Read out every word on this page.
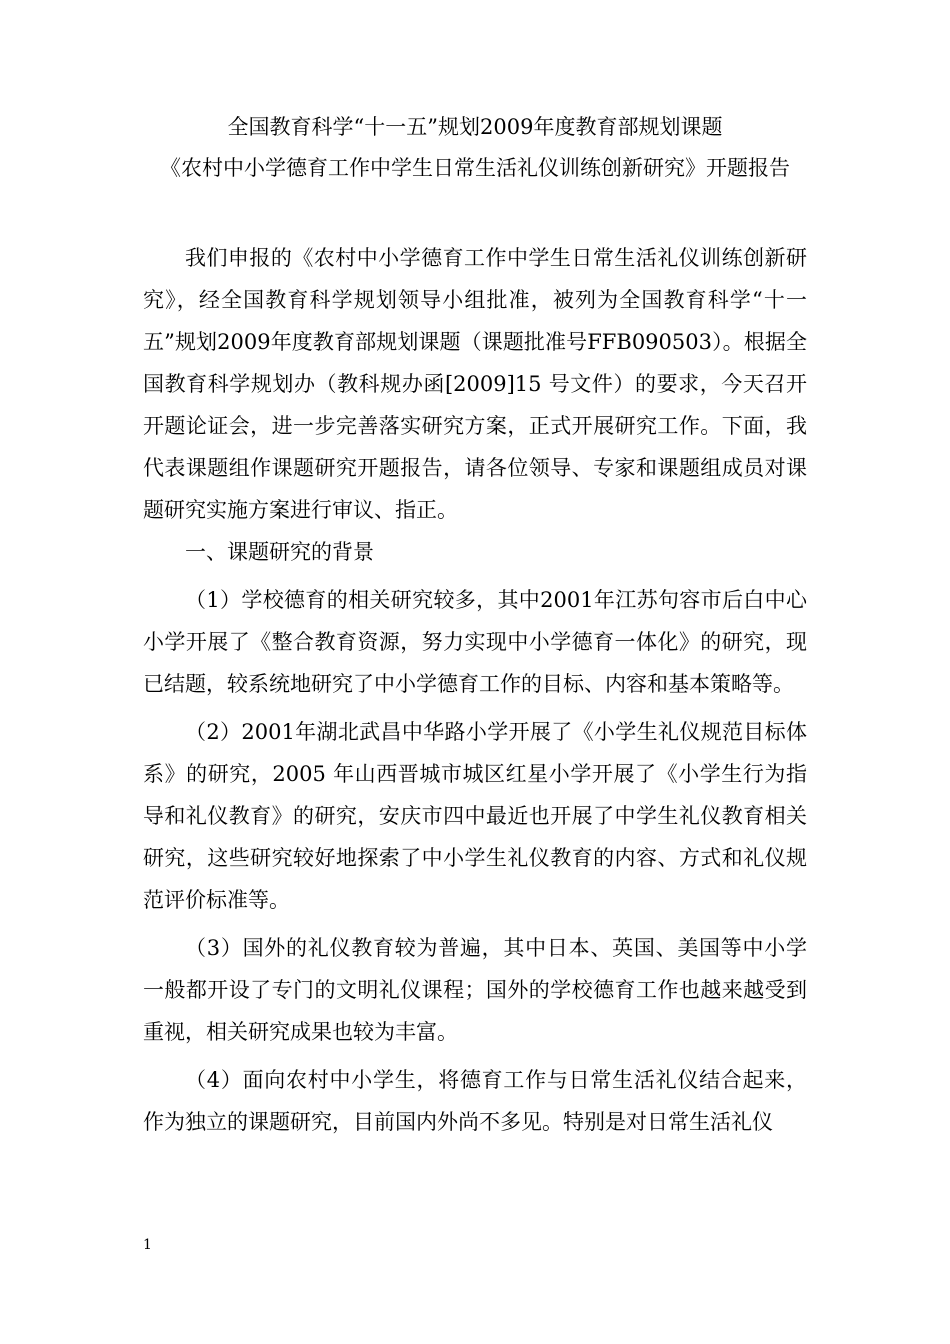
全国教育科学“十一五”规划2009年度教育部规划课题
《农村中小学德育工作中学生日常生活礼仪训练创新研究》开题报告

我们申报的《农村中小学德育工作中学生日常生活礼仪训练创新研究》，经全国教育科学规划领导小组批准，被列为全国教育科学“十一五”规划2009年度教育部规划课题（课题批准号FFB090503）。根据全国教育科学规划办（教科规办函[2009]15 号文件）的要求，今天召开开题论证会，进一步完善落实研究方案，正式开展研究工作。下面，我代表课题组作课题研究开题报告，请各位领导、专家和课题组成员对课题研究实施方案进行审议、指正。

一、课题研究的背景

（1）学校德育的相关研究较多，其中2001年江苏句容市后白中心小学开展了《整合教育资源，努力实现中小学德育一体化》的研究，现已结题，较系统地研究了中小学德育工作的目标、内容和基本策略等。

（2）2001年湖北武昌中华路小学开展了《小学生礼仪规范目标体系》的研究，2005 年山西晋城市城区红星小学开展了《小学生行为指导和礼仪教育》的研究，安庆市四中最近也开展了中学生礼仪教育相关研究，这些研究较好地探索了中小学生礼仪教育的内容、方式和礼仪规范评价标准等。

（3）国外的礼仪教育较为普遍，其中日本、英国、美国等中小学一般都开设了专门的文明礼仪课程；国外的学校德育工作也越来越受到重视，相关研究成果也较为丰富。

（4）面向农村中小学生，将德育工作与日常生活礼仪结合起来，作为独立的课题研究，目前国内外尚不多见。特别是对日常生活礼仪

1
